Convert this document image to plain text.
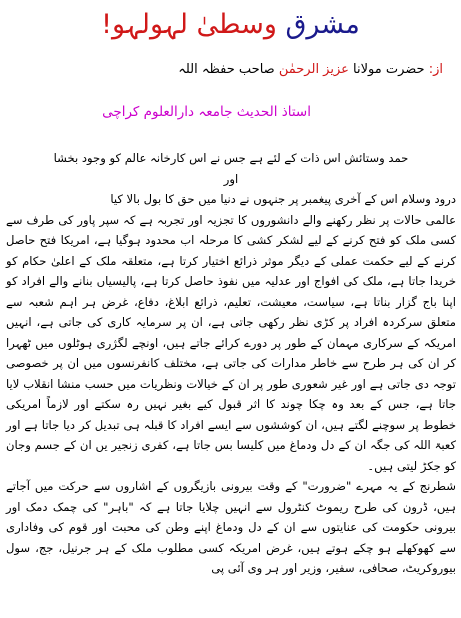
مشرق وسطیٰ لہولہو!
از: حضرت مولانا عزیز الرحمٰن صاحب حفظہ اللہ
استاذ الحدیث جامعہ دارالعلوم کراچی

حمد وستائش اس ذات کے لئے ہے جس نے اس کارخانہ عالم کو وجود بخشا

اور

درود وسلام اس کے آخری پیغمبر پر جنہوں نے دنیا میں حق کا بول بالا کیا

عالمی حالات پر نظر رکھنے والے دانشوروں کا تجزیہ اور تجربہ ہے کہ سپر پاور کی طرف سے کسی ملک کو فتح کرنے کے لیے لشکر کشی کا مرحلہ اب محدود ہوگیا ہے، امریکا فتح حاصل کرنے کے لیے حکمت عملی کے دیگر موثر ذرائع اختیار کرتا ہے، متعلقہ ملک کے اعلیٰ حکام کو خریدا جاتا ہے، ملک کی افواج اور عدلیہ میں نفوذ حاصل کرتا ہے، پالیسیاں بنانے والے افراد کو اپنا باج گزار بناتا ہے، سیاست، معیشت، تعلیم، ذرائع ابلاغ، دفاع، غرض ہر اہم شعبہ سے متعلق سرکردہ افراد پر کڑی نظر رکھی جاتی ہے، ان پر سرمایہ کاری کی جاتی ہے، انہیں امریکہ کے سرکاری مہمان کے طور پر دورے کرائے جاتے ہیں، اونچے لگژری ہوٹلوں میں ٹھہرا کر ان کی ہر طرح سے خاطر مدارات کی جاتی ہے، مختلف کانفرنسوں میں ان پر خصوصی توجہ دی جاتی ہے اور غیر شعوری طور پر ان کے خیالات ونظریات میں حسب منشا انقلاب لایا جاتا ہے، جس کے بعد وہ چکا چوند کا اثر قبول کیے بغیر نہیں رہ سکتے اور لازماً امریکی خطوط پر سوچنے لگتے ہیں، ان کوششوں سے ایسے افراد کا قبلہ ہی تبدیل کر دیا جاتا ہے اور کعبۃ اللہ کی جگہ ان کے دل ودماغ میں کلیسا بس جاتا ہے، کفری زنجیر یں ان کے جسم وجان کو جکڑ لیتی ہیں۔

شطرنج کے یہ مہرے "ضرورت" کے وقت بیرونی بازیگروں کے اشاروں سے حرکت میں آجاتے ہیں، ڈرون کی طرح ریموٹ کنٹرول سے انہیں چلایا جاتا ہے کہ "باہر" کی چمک دمک اور بیرونی حکومت کی عنایتوں سے ان کے دل ودماغ اپنے وطن کی محبت اور قوم کی وفاداری سے کھوکھلے ہو چکے ہوتے ہیں، غرض امریکہ کسی مطلوب ملک کے ہر جرنیل، جج، سول بیوروکریٹ، صحافی، سفیر، وزیر اور ہر وی آئی پی
